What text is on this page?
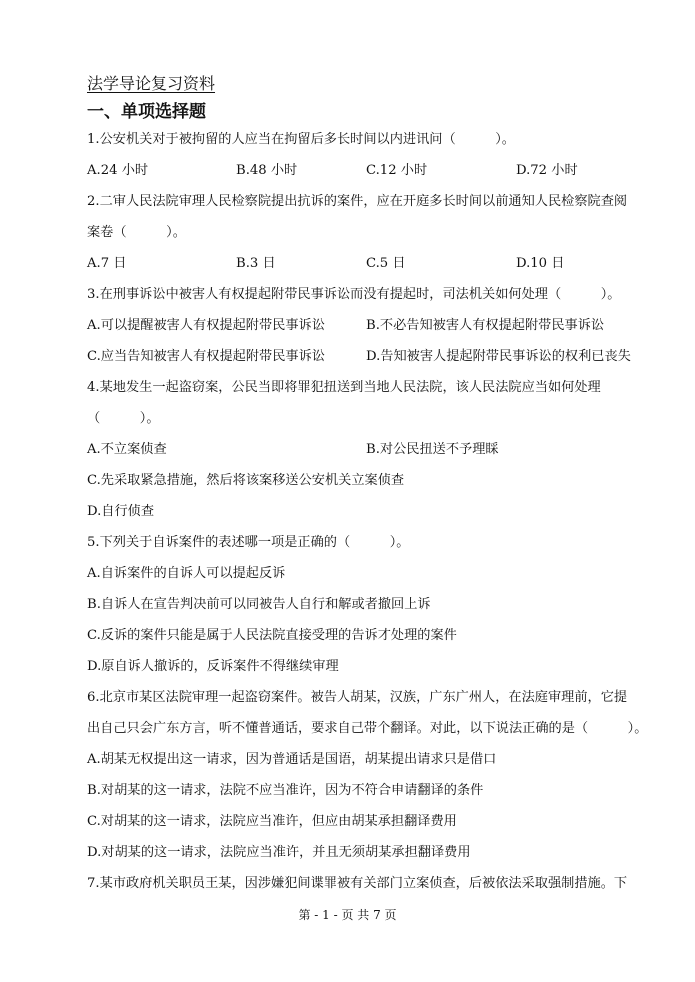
法学导论复习资料
一、单项选择题
1.公安机关对于被拘留的人应当在拘留后多长时间以内进讯问（　　　）。
A.24 小时	B.48 小时	C.12 小时	D.72 小时
2.二审人民法院审理人民检察院提出抗诉的案件，应在开庭多长时间以前通知人民检察院查阅
案卷（　　　）。
A.7 日	B.3 日	C.5 日	D.10 日
3.在刑事诉讼中被害人有权提起附带民事诉讼而没有提起时，司法机关如何处理（　　　）。
A.可以提醒被害人有权提起附带民事诉讼	B.不必告知被害人有权提起附带民事诉讼
C.应当告知被害人有权提起附带民事诉讼	D.告知被害人提起附带民事诉讼的权利已丧失
4.某地发生一起盗窃案，公民当即将罪犯扭送到当地人民法院，该人民法院应当如何处理
（　　　）。
A.不立案侦查	B.对公民扭送不予理睬
C.先采取紧急措施，然后将该案移送公安机关立案侦查
D.自行侦查
5.下列关于自诉案件的表述哪一项是正确的（　　　）。
A.自诉案件的自诉人可以提起反诉
B.自诉人在宣告判决前可以同被告人自行和解或者撤回上诉
C.反诉的案件只能是属于人民法院直接受理的告诉才处理的案件
D.原自诉人撤诉的，反诉案件不得继续审理
6.北京市某区法院审理一起盗窃案件。被告人胡某，汉族，广东广州人，在法庭审理前，它提
出自己只会广东方言，听不懂普通话，要求自己带个翻译。对此，以下说法正确的是（　　　）。
A.胡某无权提出这一请求，因为普通话是国语，胡某提出请求只是借口
B.对胡某的这一请求，法院不应当准许，因为不符合申请翻译的条件
C.对胡某的这一请求，法院应当准许，但应由胡某承担翻译费用
D.对胡某的这一请求，法院应当准许，并且无须胡某承担翻译费用
7.某市政府机关职员王某，因涉嫌犯间谍罪被有关部门立案侦查，后被依法采取强制措施。下
第 - 1 - 页 共 7 页
